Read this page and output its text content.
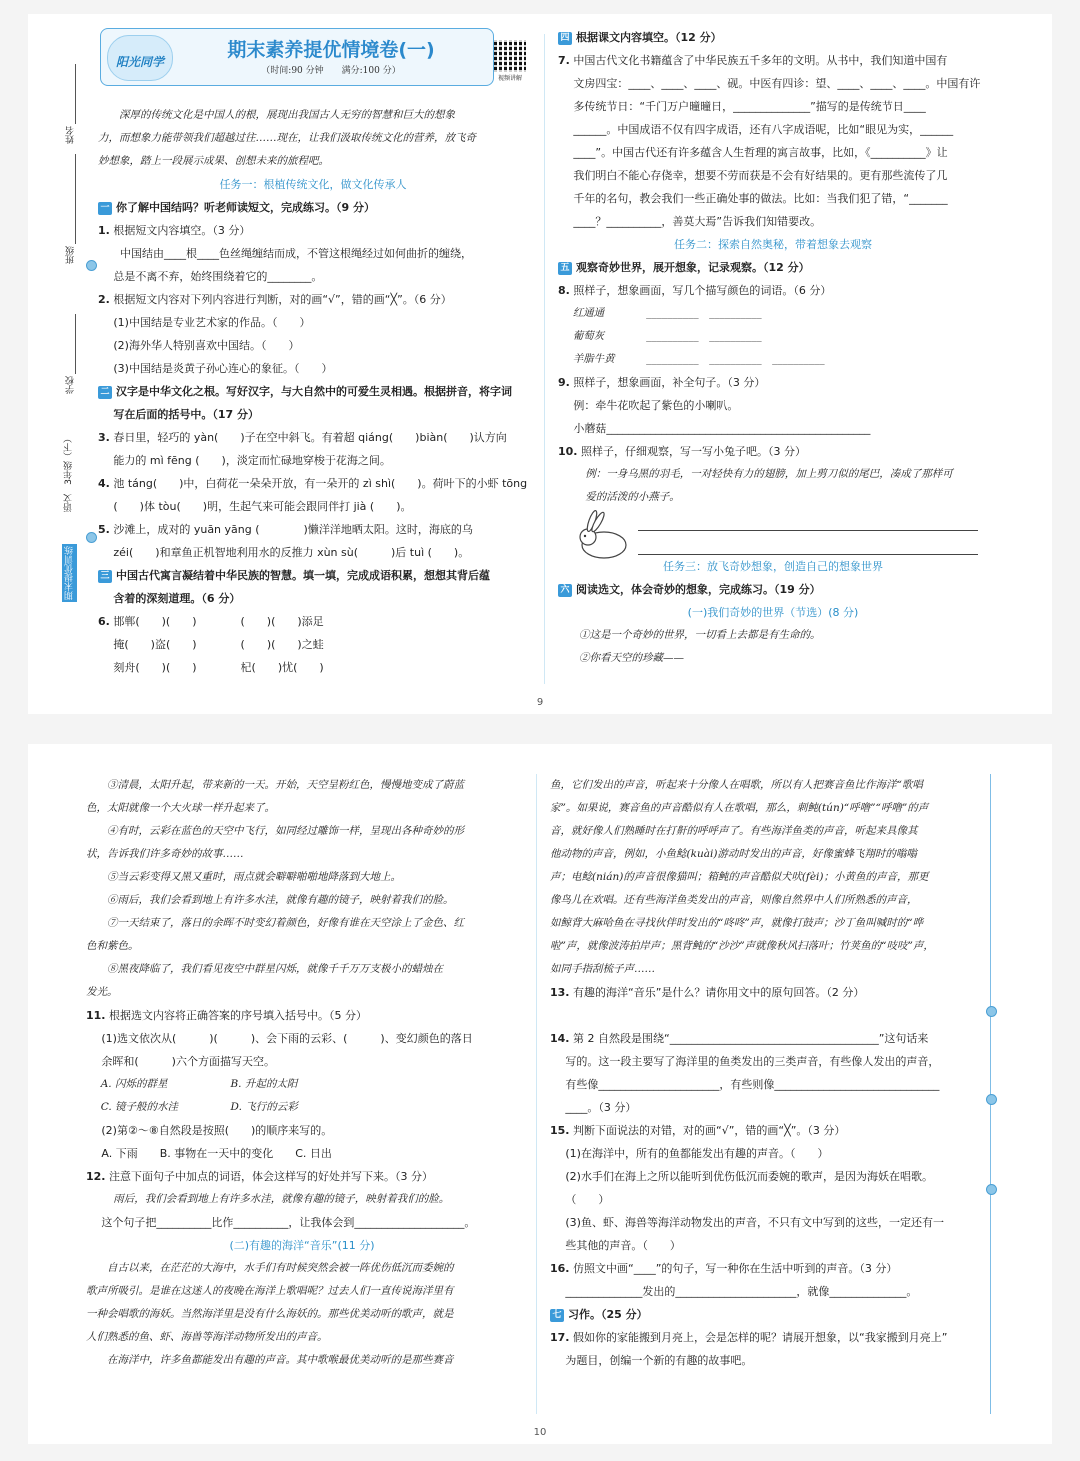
姓名
班级
学校
3年级（下）
语文
期末提优训练
阳光同学
期末素养提优情境卷(一)
（时间:90 分钟　　满分:100 分）
视频讲解

深厚的传统文化是中国人的根，展现出我国古人无穷的智慧和巨大的想象

力，而想象力能带领我们超越过往……现在，让我们汲取传统文化的营养，放飞奇

妙想象，踏上一段展示成果、创想未来的旅程吧。

任务一：根植传统文化，做文化传承人

一 你了解中国结吗？听老师读短文，完成练习。（9 分）

1. 根据短文内容填空。（3 分）

中国结由____根____色丝绳缠结而成，不管这根绳经过如何曲折的缠绕，

总是不离不弃，始终围绕着它的________。

2. 根据短文内容对下列内容进行判断，对的画“√”，错的画“╳”。（6 分）

(1)中国结是专业艺术家的作品。（　　）

(2)海外华人特别喜欢中国结。（　　）

(3)中国结是炎黄子孙心连心的象征。（　　）

二 汉字是中华文化之根。写好汉字，与大自然中的可爱生灵相遇。根据拼音，将字词

写在后面的括号中。（17 分）

3. 春日里，轻巧的 yàn(　　)子在空中斜飞。有着超 qiáng(　　)biàn(　　)认方向

能力的 mì fēng (　　)，淡定而忙碌地穿梭于花海之间。

4. 池 táng(　　)中，白荷花一朵朵开放，有一朵开的 zì shì(　　)。荷叶下的小虾 tōng

(　　)体 tòu(　　)明，生起气来可能会跟同伴打 jià (　　)。

5. 沙滩上，成对的 yuān yāng (　　　　)懒洋洋地晒太阳。这时，海底的乌

zéi(　　)和章鱼正机智地利用水的反推力 xùn sù(　　　)后 tuì (　　)。

三 中国古代寓言凝结着中华民族的智慧。填一填，完成成语积累，想想其背后蕴

含着的深刻道理。（6 分）

6. 邯郸(　　)(　　)　　　　(　　)(　　)添足

掩(　　)盗(　　)　　　　(　　)(　　)之蛙

刻舟(　　)(　　)　　　　杞(　　)忧(　　)

四 根据课文内容填空。（12 分）

7. 中国古代文化书籍蕴含了中华民族五千多年的文明。从书中，我们知道中国有

文房四宝：____、____、____、砚。中医有四诊：望、____、____、____。中国有许

多传统节日：“千门万户曈曈日，______________”描写的是传统节日____

______。中国成语不仅有四字成语，还有八字成语呢，比如“眼见为实，______

____”。中国古代还有许多蕴含人生哲理的寓言故事，比如，《__________》让

我们明白不能心存侥幸，想要不劳而获是不会有好结果的。更有那些流传了几

千年的名句，教会我们一些正确处事的做法。比如：当我们犯了错，“_______

____？__________，善莫大焉”告诉我们知错要改。

任务二：探索自然奥秘，带着想象去观察

五 观察奇妙世界，展开想象，记录观察。（12 分）

8. 照样子，想象画面，写几个描写颜色的词语。（6 分）

红通通　　　　__________　__________

葡萄灰　　　　__________　__________

羊脂牛黄　　　__________　__________　__________

9. 照样子，想象画面，补全句子。（3 分）

例：牵牛花吹起了紫色的小喇叭。

小蘑菇________________________________________________

10. 照样子，仔细观察，写一写小兔子吧。（3 分）

例：一身乌黑的羽毛，一对轻快有力的翅膀，加上剪刀似的尾巴，凑成了那样可

爱的活泼的小燕子。

任务三：放飞奇妙想象，创造自己的想象世界

六 阅读选文，体会奇妙的想象，完成练习。（19 分）

(一)我们奇妙的世界（节选）(8 分)

①这是一个奇妙的世界，一切看上去都是有生命的。

②你看天空的珍藏——

9

③清晨，太阳升起，带来新的一天。开始，天空呈粉红色，慢慢地变成了蔚蓝

色，太阳就像一个大火球一样升起来了。

④有时，云彩在蓝色的天空中飞行，如同经过雕饰一样，呈现出各种奇妙的形

状，告诉我们许多奇妙的故事……

⑤当云彩变得又黑又重时，雨点就会噼噼啪啪地降落到大地上。

⑥雨后，我们会看到地上有许多水洼，就像有趣的镜子，映射着我们的脸。

⑦一天结束了，落日的余晖不时变幻着颜色，好像有谁在天空涂上了金色、红

色和紫色。

⑧黑夜降临了，我们看见夜空中群星闪烁，就像千千万万支极小的蜡烛在

发光。

11. 根据选文内容将正确答案的序号填入括号中。（5 分）

(1)选文依次从(　　　)(　　　)、会下雨的云彩、(　　　)、变幻颜色的落日

余晖和(　　　)六个方面描写天空。

A. 闪烁的群星　　　　　　B. 升起的太阳

C. 镜子般的水洼　　　　　D. 飞行的云彩

(2)第②～⑧自然段是按照(　　)的顺序来写的。

A. 下雨　　B. 事物在一天中的变化　　C. 日出

12. 注意下面句子中加点的词语，体会这样写的好处并写下来。（3 分）

雨后，我们会看到地上有许多水洼，就像有趣的镜子，映射着我们的脸。

这个句子把__________比作__________，让我体会到____________________。

(二)有趣的海洋“音乐”(11 分)

自古以来，在茫茫的大海中，水手们有时候突然会被一阵优伤低沉而委婉的

歌声所吸引。是谁在这迷人的夜晚在海洋上歌唱呢？过去人们一直传说海洋里有

一种会唱歌的海妖。当然海洋里是没有什么海妖的。那些优美动听的歌声，就是

人们熟悉的鱼、虾、海兽等海洋动物所发出的声音。

在海洋中，许多鱼都能发出有趣的声音。其中歌喉最优美动听的是那些赛音

鱼，它们发出的声音，听起来十分像人在唱歌，所以有人把赛音鱼比作海洋“歌唱

家”。如果说，赛音鱼的声音酷似有人在歌唱，那么，刺鲀(tún)“呼噜”“呼噜”的声

音，就好像人们熟睡时在打鼾的呼呼声了。有些海洋鱼类的声音，听起来具像其

他动物的声音，例如，小鱼鲶(kuài)游动时发出的声音，好像蜜蜂飞翔时的嗡嗡

声；电鲶(nián)的声音很像猫叫；箱鲀的声音酷似犬吠(fèi)；小黄鱼的声音，那更

像鸟儿在欢唱。还有些海洋鱼类发出的声音，则像自然界中人们所熟悉的声音，

如鲸背大麻哈鱼在寻找伙伴时发出的“咚咚”声，就像打鼓声；沙丁鱼叫喊时的“哗

啦”声，就像波涛拍岸声；黑背鲀的“沙沙”声就像秋风扫落叶；竹荚鱼的“吱吱”声，

如同手指刮梳子声……

13. 有趣的海洋“音乐”是什么？请你用文中的原句回答。（2 分）

14. 第 2 自然段是围绕“______________________________________”这句话来

写的。这一段主要写了海洋里的鱼类发出的三类声音，有些像人发出的声音，

有些像______________________，有些则像______________________________

____。（3 分）

15. 判断下面说法的对错，对的画“√”，错的画“╳”。（3 分）

(1)在海洋中，所有的鱼都能发出有趣的声音。（　　）

(2)水手们在海上之所以能听到优伤低沉而委婉的歌声，是因为海妖在唱歌。

（　　）

(3)鱼、虾、海兽等海洋动物发出的声音，不只有文中写到的这些，一定还有一

些其他的声音。（　　）

16. 仿照文中画“____”的句子，写一种你在生活中听到的声音。（3 分）

______________发出的______________________，就像______________。

七 习作。（25 分）

17. 假如你的家能搬到月亮上，会是怎样的呢？请展开想象，以“我家搬到月亮上”

为题目，创编一个新的有趣的故事吧。

10
